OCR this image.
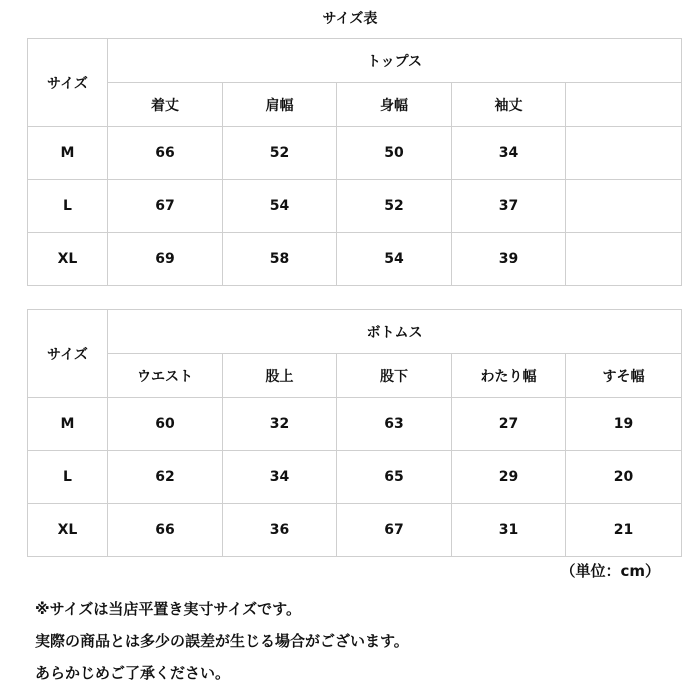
サイズ表
サイズ	トップス				
	着丈	肩幅	身幅	袖丈	
M	66	52	50	34	
L	67	54	52	37	
XL	69	58	54	39	
サイズ	ボトムス				
	ウエスト	股上	股下	わたり幅	すそ幅
M	60	32	63	27	19
L	62	34	65	29	20
XL	66	36	67	31	21
（単位：cm）
※サイズは当店平置き実寸サイズです。
実際の商品とは多少の誤差が生じる場合がございます。
あらかじめご了承ください。
